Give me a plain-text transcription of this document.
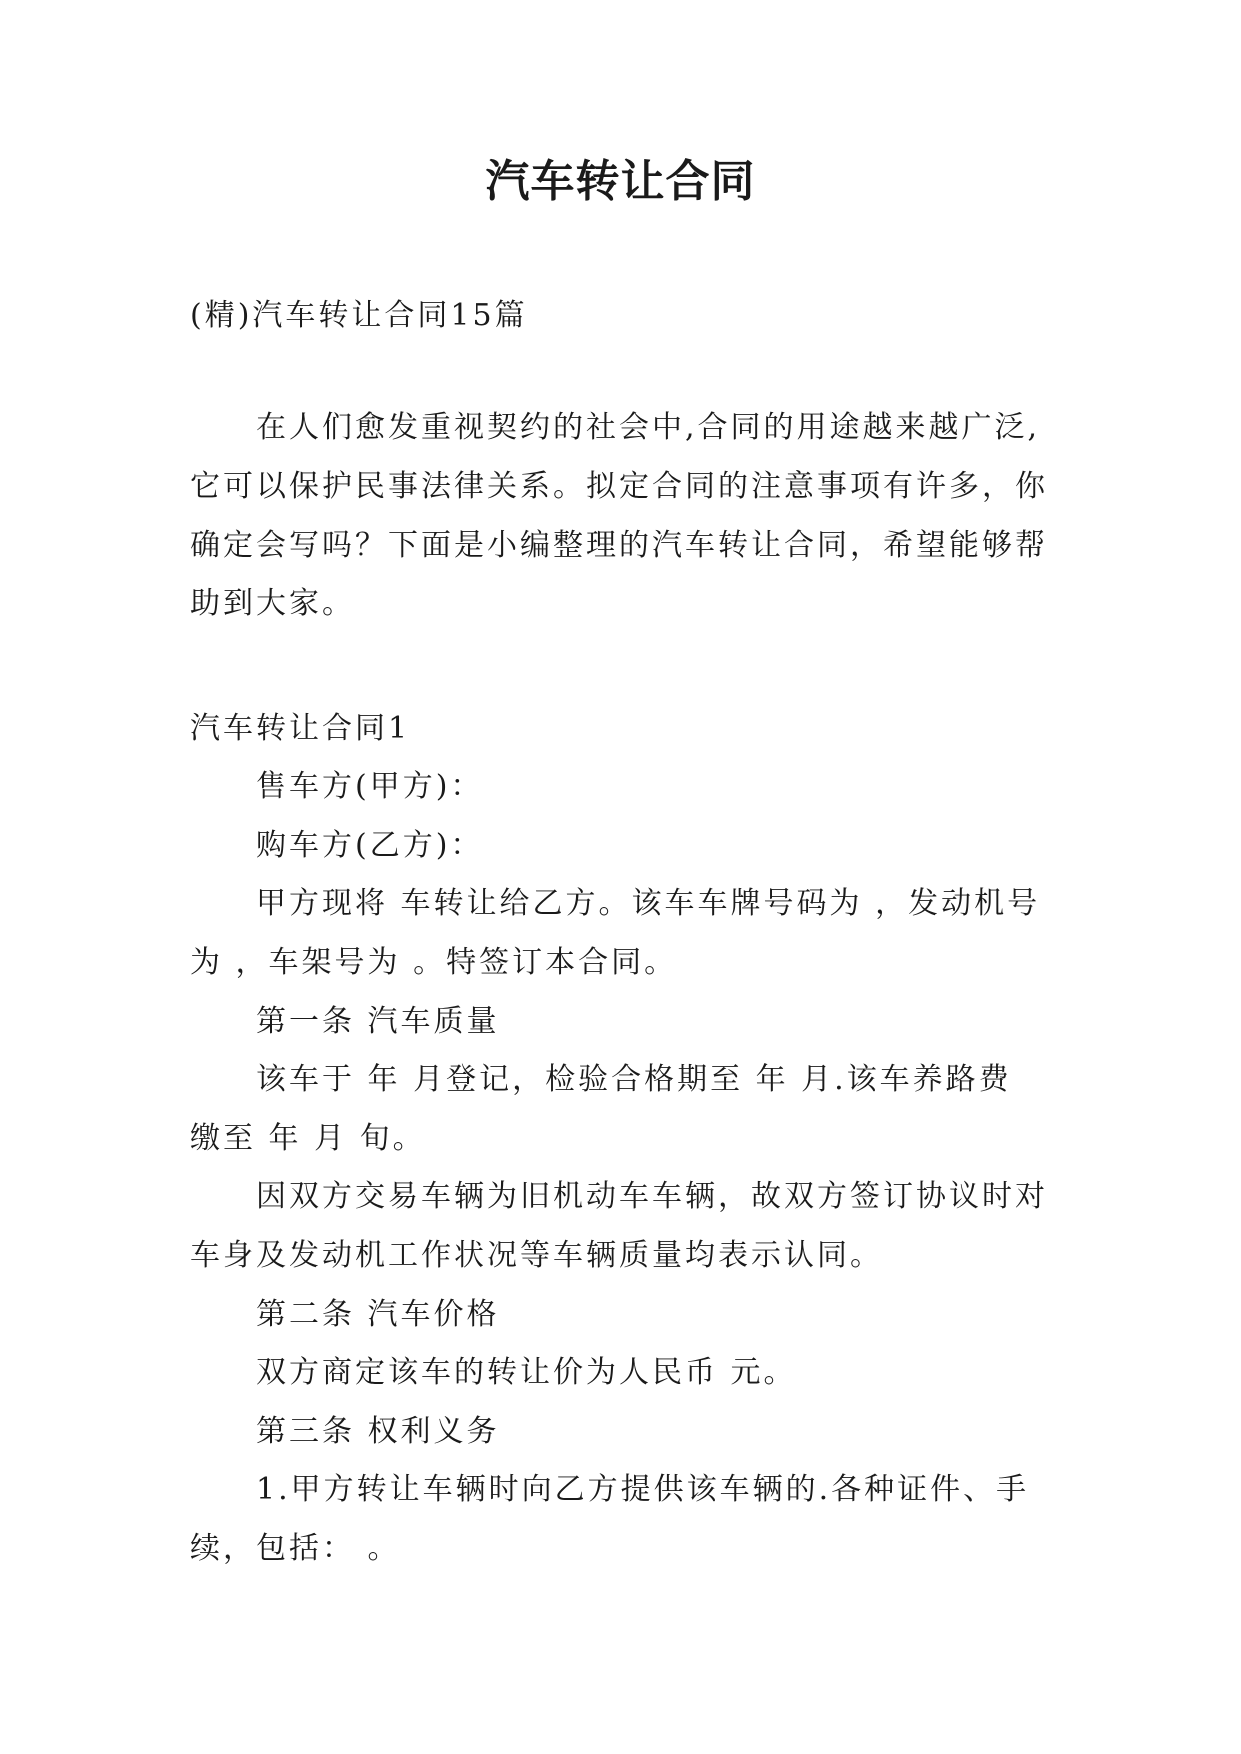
汽车转让合同
(精)汽车转让合同15篇
在人们愈发重视契约的社会中,合同的用途越来越广泛,
它可以保护民事法律关系。拟定合同的注意事项有许多，你
确定会写吗？下面是小编整理的汽车转让合同，希望能够帮
助到大家。
汽车转让合同1
售车方(甲方)：
购车方(乙方)：
甲方现将 车转让给乙方。该车车牌号码为 ，发动机号
为 ，车架号为 。特签订本合同。
第一条 汽车质量
该车于 年 月登记，检验合格期至 年 月.该车养路费
缴至 年 月 旬。
因双方交易车辆为旧机动车车辆，故双方签订协议时对
车身及发动机工作状况等车辆质量均表示认同。
第二条 汽车价格
双方商定该车的转让价为人民币 元。
第三条 权利义务
1.甲方转让车辆时向乙方提供该车辆的.各种证件、手
续，包括： 。
